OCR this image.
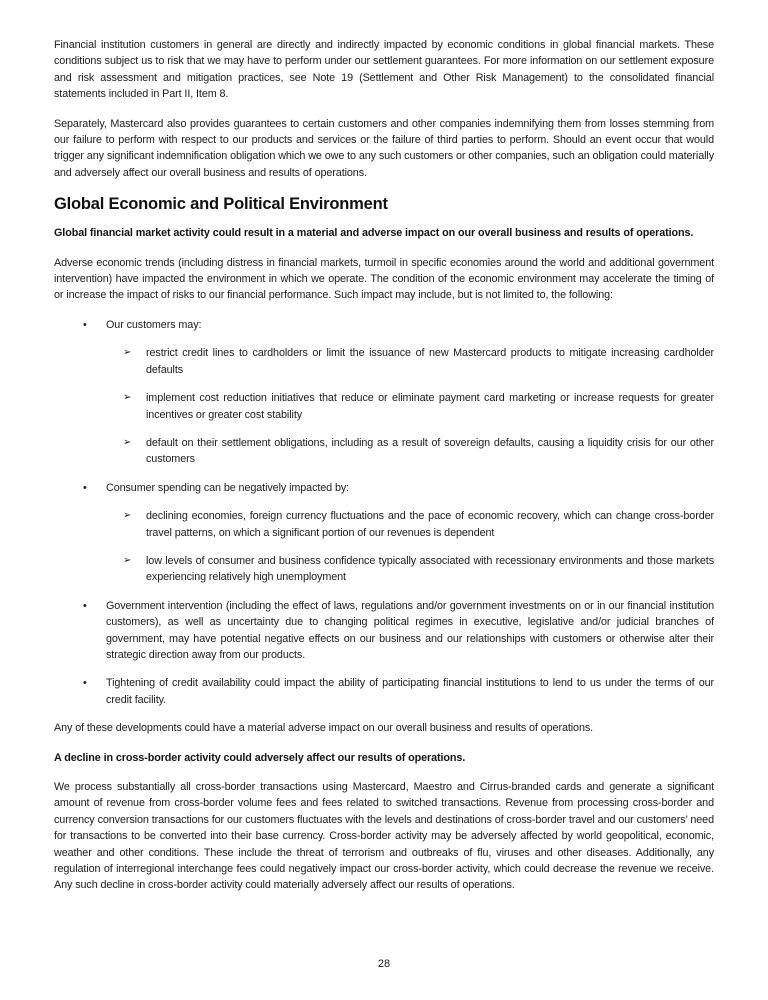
Financial institution customers in general are directly and indirectly impacted by economic conditions in global financial markets. These conditions subject us to risk that we may have to perform under our settlement guarantees. For more information on our settlement exposure and risk assessment and mitigation practices, see Note 19 (Settlement and Other Risk Management) to the consolidated financial statements included in Part II, Item 8.

Separately, Mastercard also provides guarantees to certain customers and other companies indemnifying them from losses stemming from our failure to perform with respect to our products and services or the failure of third parties to perform. Should an event occur that would trigger any significant indemnification obligation which we owe to any such customers or other companies, such an obligation could materially and adversely affect our overall business and results of operations.

Global Economic and Political Environment

Global financial market activity could result in a material and adverse impact on our overall business and results of operations.

Adverse economic trends (including distress in financial markets, turmoil in specific economies around the world and additional government intervention) have impacted the environment in which we operate. The condition of the economic environment may accelerate the timing of or increase the impact of risks to our financial performance. Such impact may include, but is not limited to, the following:

•	Our customers may:
➢	restrict credit lines to cardholders or limit the issuance of new Mastercard products to mitigate increasing cardholder defaults
➢	implement cost reduction initiatives that reduce or eliminate payment card marketing or increase requests for greater incentives or greater cost stability
➢	default on their settlement obligations, including as a result of sovereign defaults, causing a liquidity crisis for our other customers
•	Consumer spending can be negatively impacted by:
➢	declining economies, foreign currency fluctuations and the pace of economic recovery, which can change cross-border travel patterns, on which a significant portion of our revenues is dependent
➢	low levels of consumer and business confidence typically associated with recessionary environments and those markets experiencing relatively high unemployment
•	Government intervention (including the effect of laws, regulations and/or government investments on or in our financial institution customers), as well as uncertainty due to changing political regimes in executive, legislative and/or judicial branches of government, may have potential negative effects on our business and our relationships with customers or otherwise alter their strategic direction away from our products.
•	Tightening of credit availability could impact the ability of participating financial institutions to lend to us under the terms of our credit facility.

Any of these developments could have a material adverse impact on our overall business and results of operations.

A decline in cross-border activity could adversely affect our results of operations.

We process substantially all cross-border transactions using Mastercard, Maestro and Cirrus-branded cards and generate a significant amount of revenue from cross-border volume fees and fees related to switched transactions. Revenue from processing cross-border and currency conversion transactions for our customers fluctuates with the levels and destinations of cross-border travel and our customers’ need for transactions to be converted into their base currency. Cross-border activity may be adversely affected by world geopolitical, economic, weather and other conditions. These include the threat of terrorism and outbreaks of flu, viruses and other diseases. Additionally, any regulation of interregional interchange fees could negatively impact our cross-border activity, which could decrease the revenue we receive. Any such decline in cross-border activity could materially adversely affect our results of operations.

28
